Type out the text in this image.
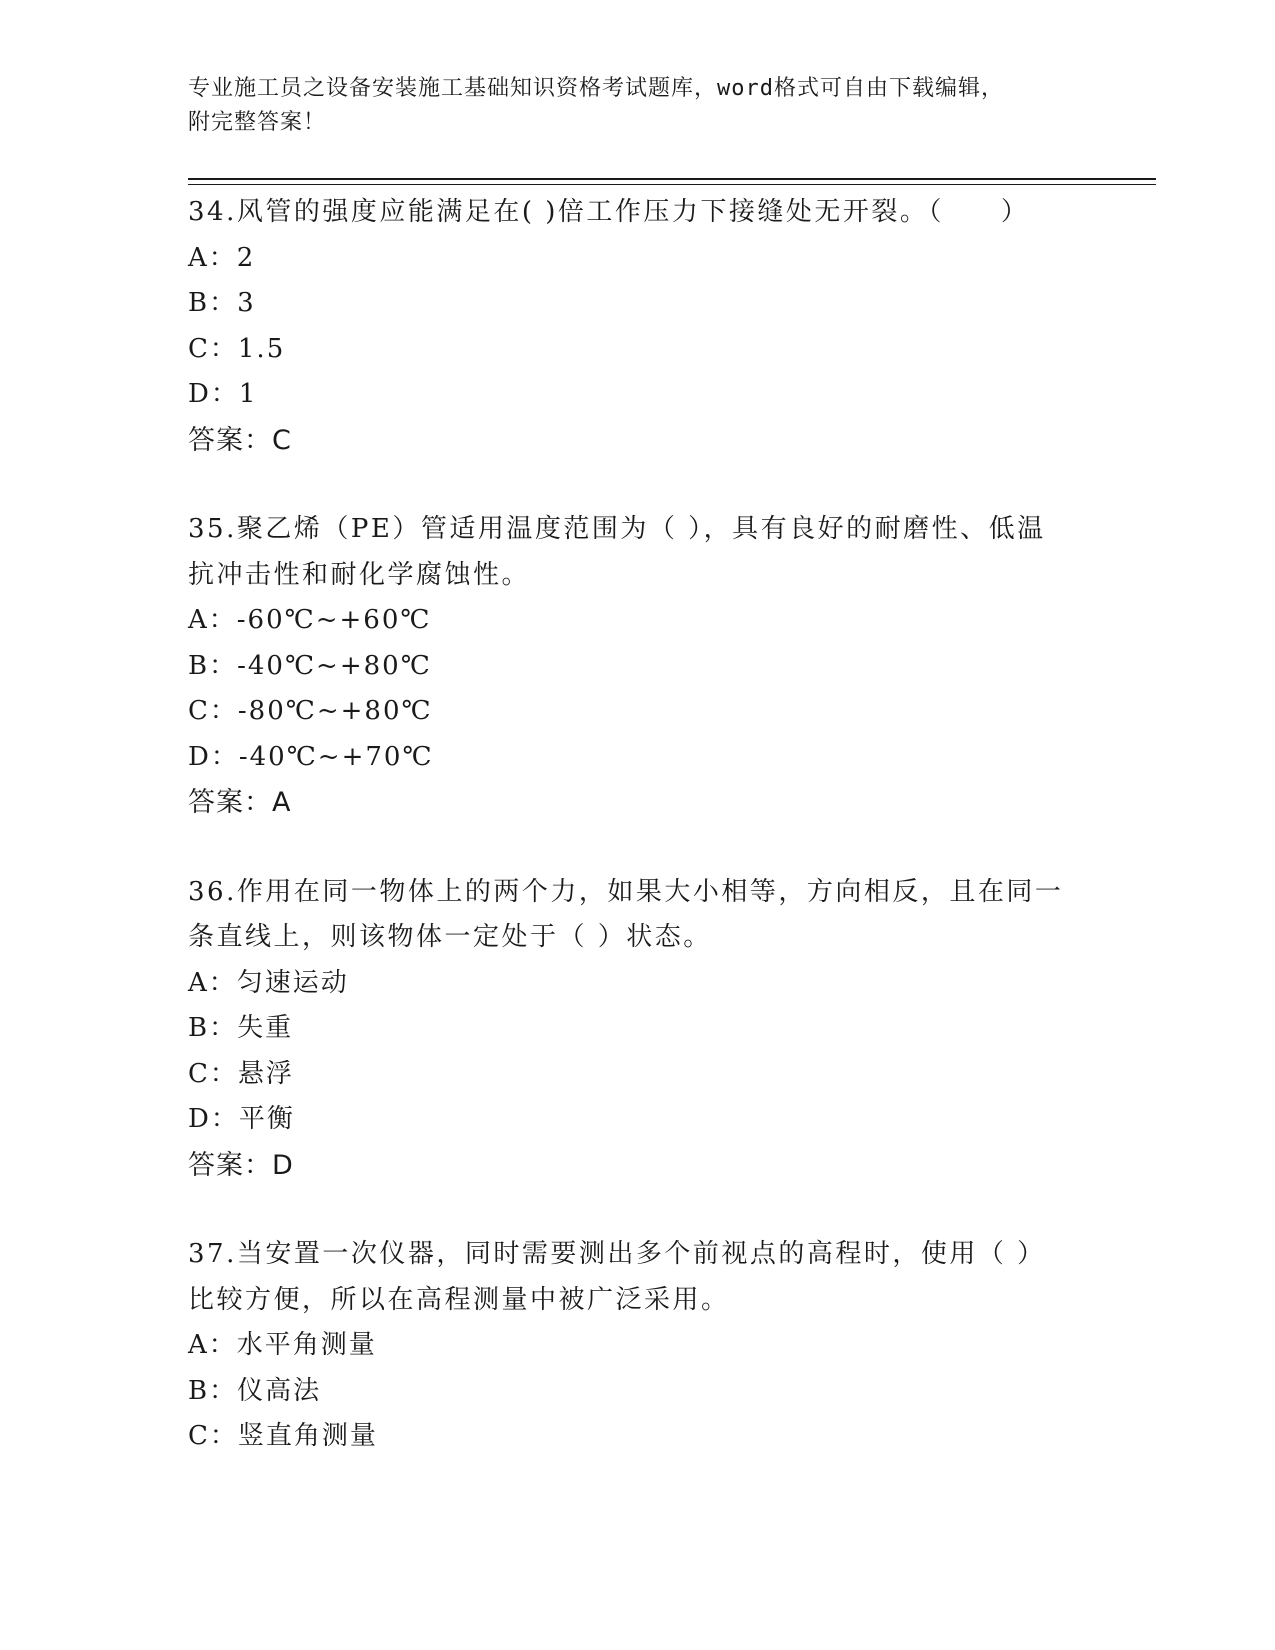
专业施工员之设备安装施工基础知识资格考试题库，word格式可自由下载编辑，
附完整答案！
34.风管的强度应能满足在( )倍工作压力下接缝处无开裂。（　　）
A：2
B：3
C：1.5
D：1
答案：C
35.聚乙烯（PE）管适用温度范围为（ ），具有良好的耐磨性、低温抗冲击性和耐化学腐蚀性。
A：-60℃~+60℃
B：-40℃~+80℃
C：-80℃~+80℃
D：-40℃~+70℃
答案：A
36.作用在同一物体上的两个力，如果大小相等，方向相反，且在同一条直线上，则该物体一定处于（ ）状态。
A：匀速运动
B：失重
C：悬浮
D：平衡
答案：D
37.当安置一次仪器，同时需要测出多个前视点的高程时，使用（ ）比较方便，所以在高程测量中被广泛采用。
A：水平角测量
B：仪高法
C：竖直角测量
